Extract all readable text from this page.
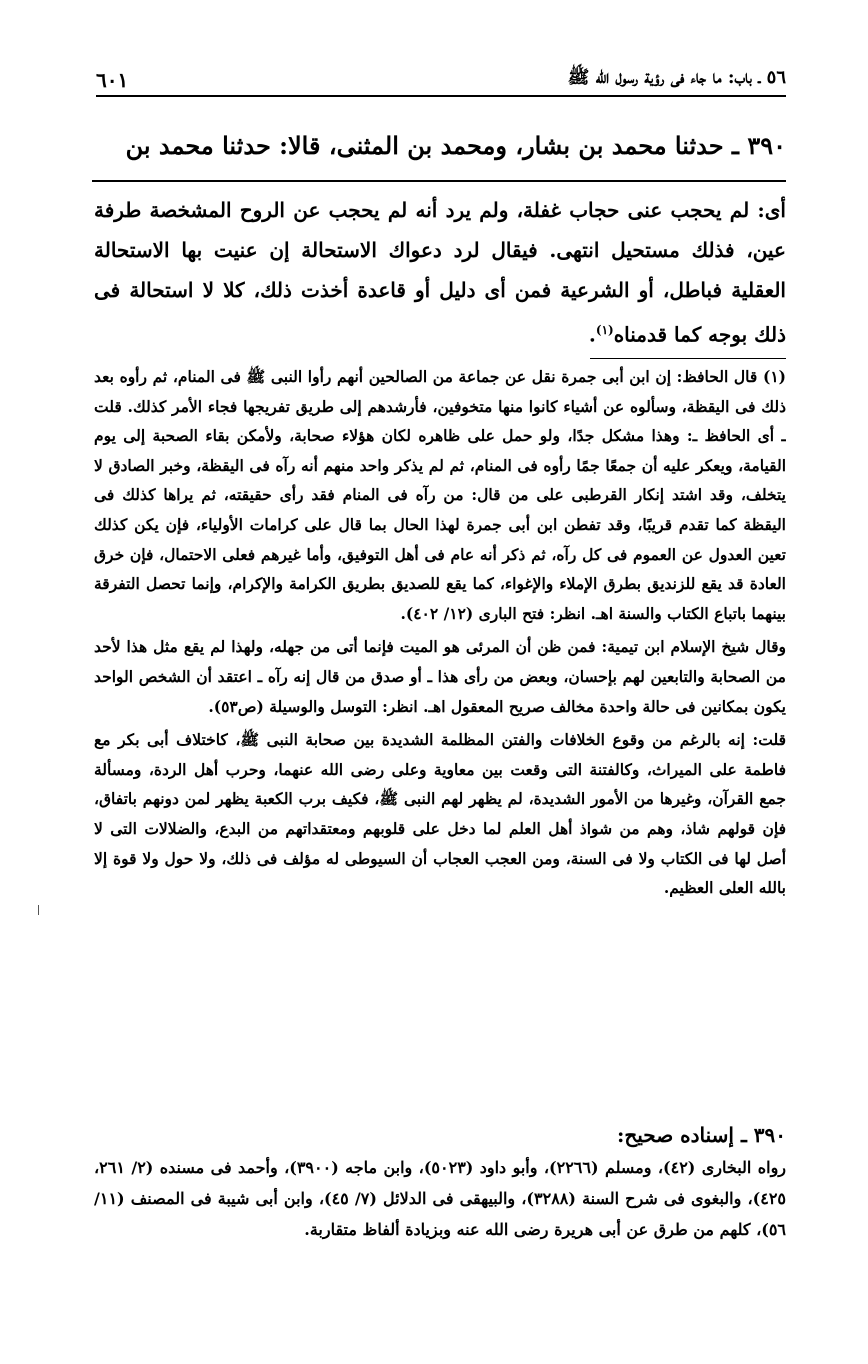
٦٠١	٥٦ ـ باب: ما جاء فى رؤية رسول الله ﷺ
٣٩٠ ـ حدثنا محمد بن بشار، ومحمد بن المثنى، قالا: حدثنا محمد بن
أى: لم يحجب عنى حجاب غفلة، ولم يرد أنه لم يحجب عن الروح المشخصة طرفة عين، فذلك مستحيل انتهى. فيقال لرد دعواك الاستحالة إن عنيت بها الاستحالة العقلية فباطل، أو الشرعية فمن أى دليل أو قاعدة أخذت ذلك، كلا لا استحالة فى ذلك بوجه كما قدمناه$^{(١)}$.

(١) قال الحافظ: إن ابن أبى جمرة نقل عن جماعة من الصالحين أنهم رأوا النبى ﷺ فى المنام، ثم رأوه بعد ذلك فى اليقظة، وسألوه عن أشياء كانوا منها متخوفين، فأرشدهم إلى طريق تفريجها فجاء الأمر كذلك. قلت ـ أى الحافظ ـ: وهذا مشكل جدًا، ولو حمل على ظاهره لكان هؤلاء صحابة، ولأمكن بقاء الصحبة إلى يوم القيامة، ويعكر عليه أن جمعًا جمًا رأوه فى المنام، ثم لم يذكر واحد منهم أنه رآه فى اليقظة، وخبر الصادق لا يتخلف، وقد اشتد إنكار القرطبى على من قال: من رآه فى المنام فقد رأى حقيقته، ثم يراها كذلك فى اليقظة كما تقدم قريبًا، وقد تفطن ابن أبى جمرة لهذا الحال بما قال على كرامات الأولياء، فإن يكن كذلك تعين العدول عن العموم فى كل رآه، ثم ذكر أنه عام فى أهل التوفيق، وأما غيرهم فعلى الاحتمال، فإن خرق العادة قد يقع للزنديق بطرق الإملاء والإغواء، كما يقع للصديق بطريق الكرامة والإكرام، وإنما تحصل التفرقة بينهما باتباع الكتاب والسنة اهـ. انظر: فتح البارى (١٢/ ٤٠٢).

وقال شيخ الإسلام ابن تيمية: فمن ظن أن المرئى هو الميت فإنما أتى من جهله، ولهذا لم يقع مثل هذا لأحد من الصحابة والتابعين لهم بإحسان، وبعض من رأى هذا ـ أو صدق من قال إنه رآه ـ اعتقد أن الشخص الواحد يكون بمكانين فى حالة واحدة مخالف صريح المعقول اهـ. انظر: التوسل والوسيلة (ص٥٣).

قلت: إنه بالرغم من وقوع الخلافات والفتن المظلمة الشديدة بين صحابة النبى ﷺ، كاختلاف أبى بكر مع فاطمة على الميراث، وكالفتنة التى وقعت بين معاوية وعلى رضى الله عنهما، وحرب أهل الردة، ومسألة جمع القرآن، وغيرها من الأمور الشديدة، لم يظهر لهم النبى ﷺ، فكيف برب الكعبة يظهر لمن دونهم باتفاق، فإن قولهم شاذ، وهم من شواذ أهل العلم لما دخل على قلوبهم ومعتقداتهم من البدع، والضلالات التى لا أصل لها فى الكتاب ولا فى السنة، ومن العجب العجاب أن السيوطى له مؤلف فى ذلك، ولا حول ولا قوة إلا بالله العلى العظيم.

٣٩٠ ـ إسناده صحيح:

رواه البخارى (٤٢)، ومسلم (٢٢٦٦)، وأبو داود (٥٠٢٣)، وابن ماجه (٣٩٠٠)، وأحمد فى مسنده (٢/ ٢٦١، ٤٢٥)، والبغوى فى شرح السنة (٣٢٨٨)، والبيهقى فى الدلائل (٧/ ٤٥)، وابن أبى شيبة فى المصنف (١١/ ٥٦)، كلهم من طرق عن أبى هريرة رضى الله عنه وبزيادة ألفاظ متقاربة.
